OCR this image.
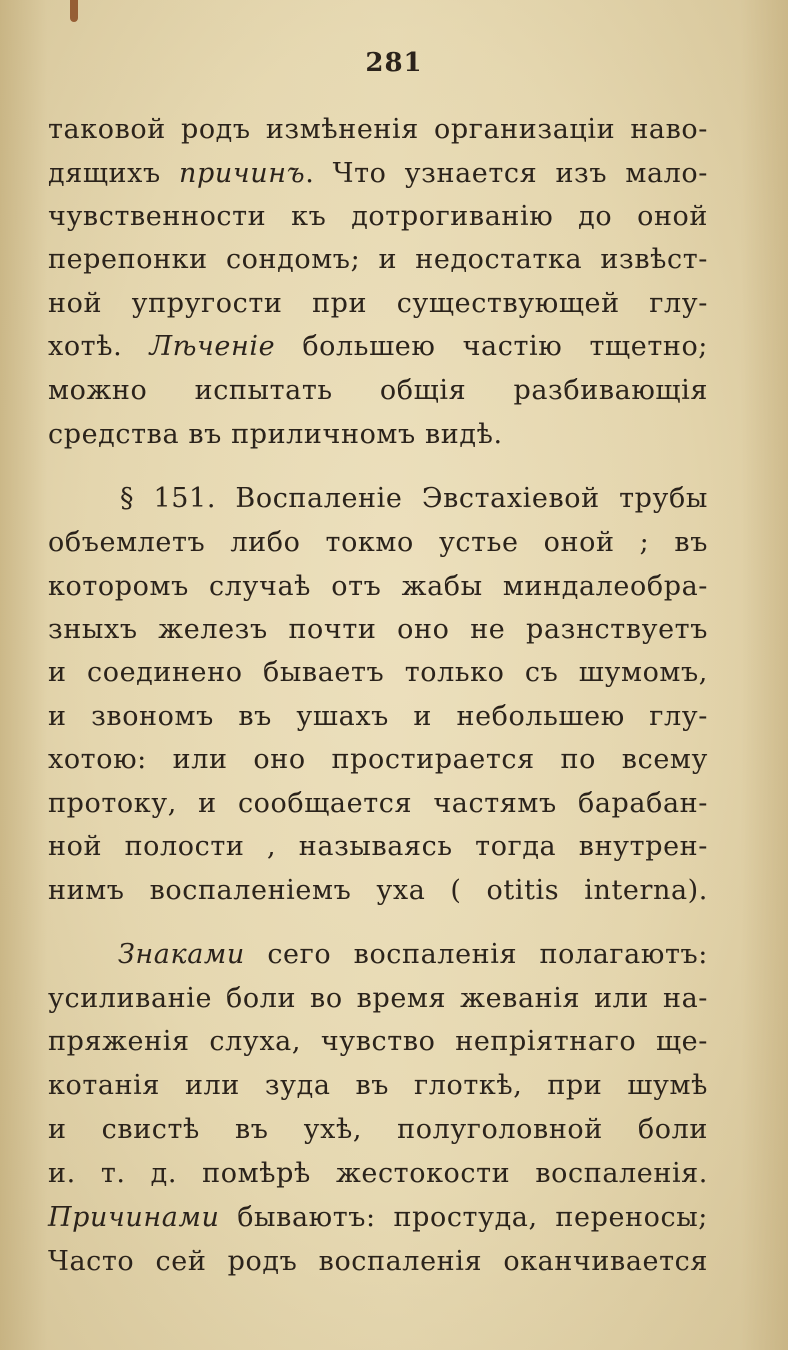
281
таковой родъ измѣненія организаціи наво-
дящихъ причинъ. Что узнается изъ мало-
чувственности къ дотрогиванію до оной
перепонки сондомъ; и недостатка извѣст-
ной упругости при существующей глу-
хотѣ. Лѣченіе большею частію тщетно;
можно испытать общія разбивающія
средства въ приличномъ видѣ.
§ 151. Воспаленіе Эвстахіевой трубы
объемлетъ либо токмо устье оной ; въ
которомъ случаѣ отъ жабы миндалеобра-
зныхъ железъ почти оно не разнствуетъ
и соединено бываетъ только съ шумомъ,
и звономъ въ ушахъ и небольшею глу-
хотою: или оно простирается по всему
протоку, и сообщается частямъ барабан-
ной полости , называясь тогда внутрен-
нимъ воспаленіемъ уха ( otitis interna).
Знаками сего воспаленія полагаютъ:
усиливаніе боли во время жеванія или на-
пряженія слуха, чувство непріятнаго ще-
котанія или зуда въ глоткѣ, при шумѣ
и свистѣ въ ухѣ, полуголовной боли
и. т. д. помѣрѣ жестокости воспаленія.
Причинами бываютъ: простуда, переносы;
Часто сей родъ воспаленія оканчивается
